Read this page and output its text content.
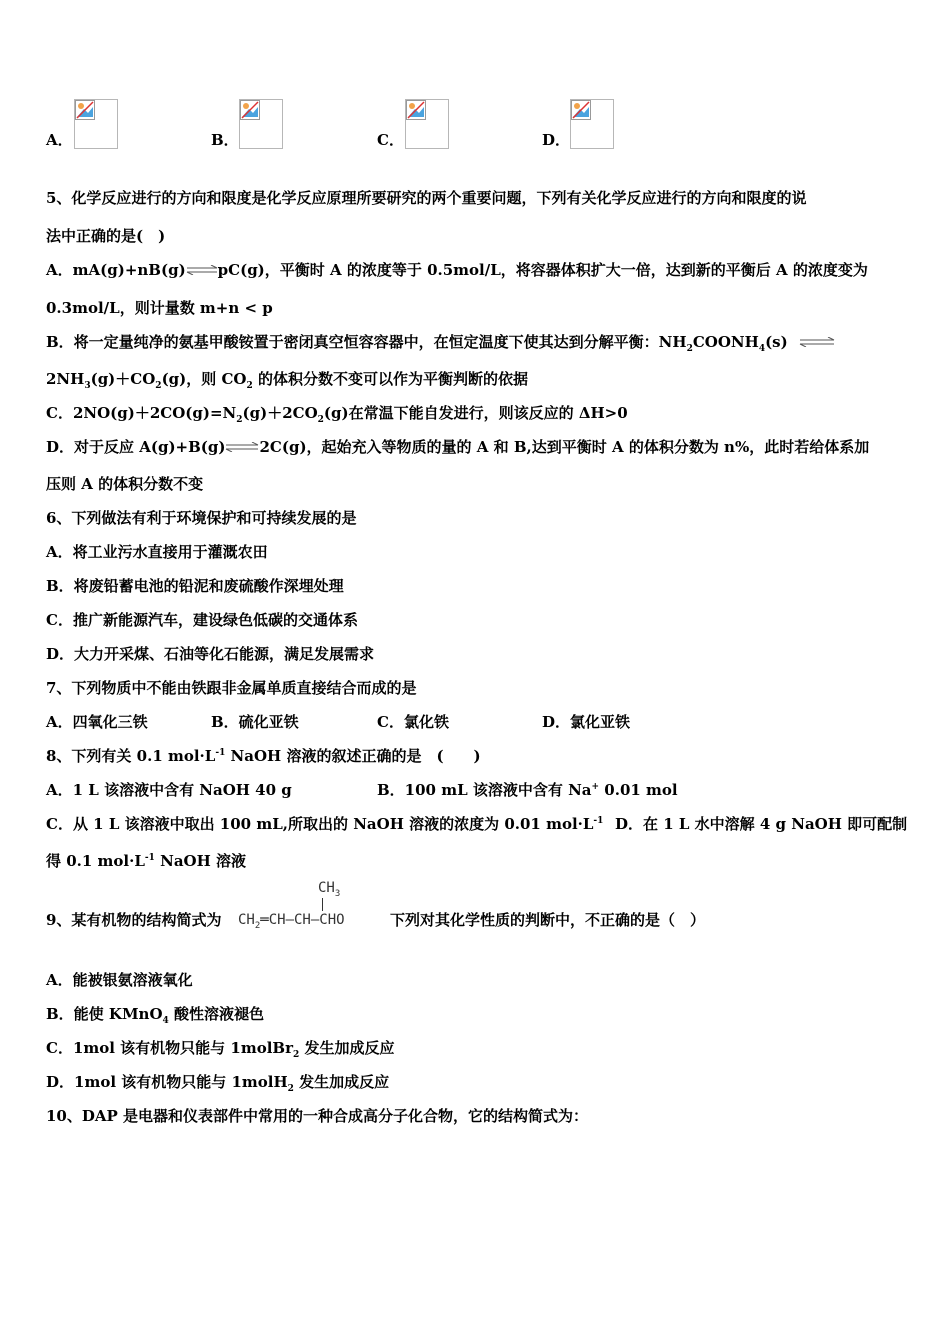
A．	B．	C．	D．
5、化学反应进行的方向和限度是化学反应原理所要研究的两个重要问题，下列有关化学反应进行的方向和限度的说
法中正确的是(　)
A．mA(g)+nB(g)⇌pC(g)，平衡时 A 的浓度等于 0.5mol/L，将容器体积扩大一倍，达到新的平衡后 A 的浓度变为
0.3mol/L，则计量数 m+n < p
B．将一定量纯净的氨基甲酸铵置于密闭真空恒容容器中，在恒定温度下使其达到分解平衡：$NH_2COONH_4(s)$ ⇌
$2NH_3(g)+CO_2(g)$，则 $CO_2$ 的体积分数不变可以作为平衡判断的依据
C．$2NO(g)+2CO(g)=N_2(g)+2CO_2(g)$在常温下能自发进行，则该反应的 ΔH>0
D．对于反应 A(g)+B(g)⇌2C(g)，起始充入等物质的量的 A 和 B,达到平衡时 A 的体积分数为 n%，此时若给体系加
压则 A 的体积分数不变
6、下列做法有利于环境保护和可持续发展的是
A．将工业污水直接用于灌溉农田
B．将废铅蓄电池的铅泥和废硫酸作深埋处理
C．推广新能源汽车，建设绿色低碳的交通体系
D．大力开采煤、石油等化石能源，满足发展需求
7、下列物质中不能由铁跟非金属单质直接结合而成的是
A．四氧化三铁	B．硫化亚铁	C．氯化铁	D．氯化亚铁
8、下列有关 0.1 $mol\cdot L^{-1}$ NaOH 溶液的叙述正确的是　(　　)
A．1 L 该溶液中含有 NaOH 40 g	B．100 mL 该溶液中含有 Na+ 0.01 mol
C．从 1 L 该溶液中取出 100 mL,所取出的 NaOH 溶液的浓度为 0.01 $mol\cdot L^{-1}$ D．在 1 L 水中溶解 4 g NaOH 即可配制
得 0.1 $mol\cdot L^{-1}$ NaOH 溶液
9、某有机物的结构简式为
$CH_3$
$CH_2═CH—CH—CHO$	下列对其化学性质的判断中，不正确的是（　）
A．能被银氨溶液氧化
B．能使 KMnO$_4$ 酸性溶液褪色
C．1mol 该有机物只能与 1molBr$_2$ 发生加成反应
D．1mol 该有机物只能与 1molH$_2$ 发生加成反应
10、DAP 是电器和仪表部件中常用的一种合成高分子化合物，它的结构简式为：
